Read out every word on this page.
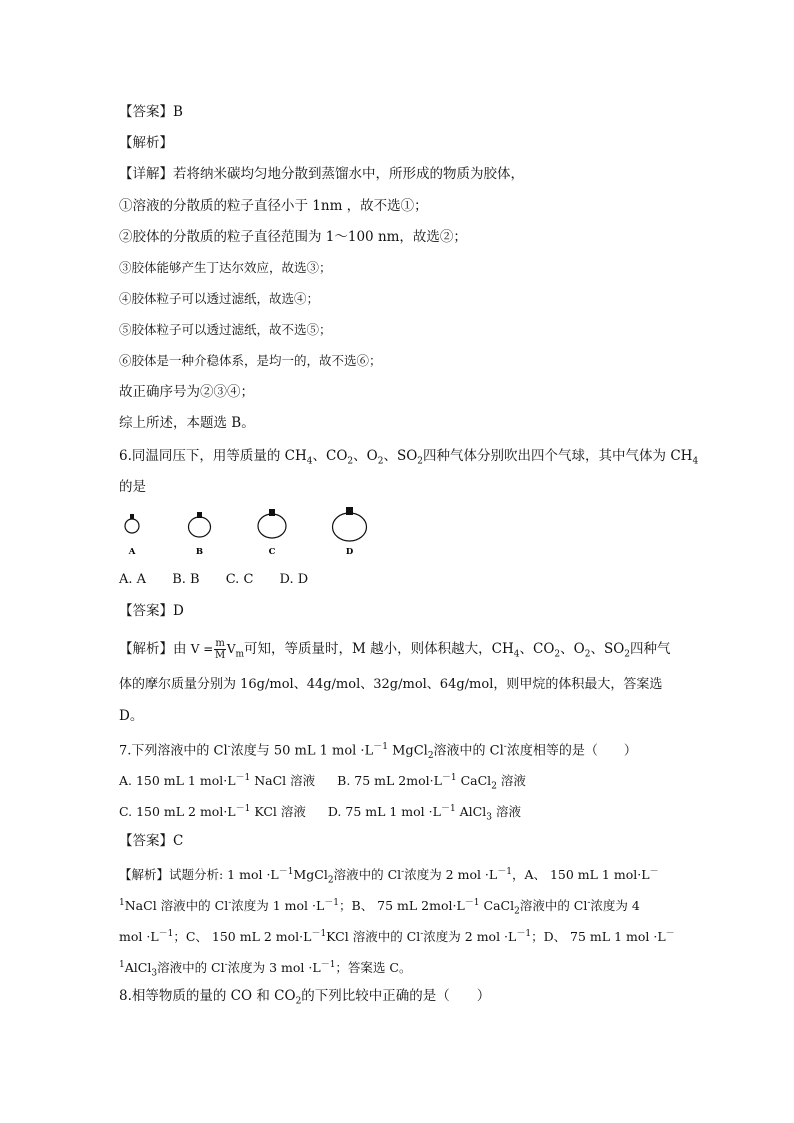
【答案】B
【解析】
【详解】若将纳米碳均匀地分散到蒸馏水中，所形成的物质为胶体，
①溶液的分散质的粒子直径小于 1nm ，故不选①；
②胶体的分散质的粒子直径范围为 1～100 nm，故选②；
③胶体能够产生丁达尔效应，故选③；
④胶体粒子可以透过滤纸，故选④；
⑤胶体粒子可以透过滤纸，故不选⑤；
⑥胶体是一种介稳体系，是均一的，故不选⑥；
故正确序号为②③④；
综上所述，本题选 B。
6.同温同压下，用等质量的 $CH_4$、$CO_2$、$O_2$、$SO_2$四种气体分别吹出四个气球，其中气体为 $CH_4$
的是
A	B	C	D
A. A B. B C. C D. D
【答案】D
【解析】由 $V = \frac{m}{M} V_m$可知，等质量时，M 越小，则体积越大，$CH_4$、$CO_2$、$O_2$、$SO_2$四种气
体的摩尔质量分别为 16g/mol、44g/mol、32g/mol、64g/mol，则甲烷的体积最大，答案选
D。
7.下列溶液中的 Cl-浓度与 50 mL 1 mol $\cdot L^{-1}$ MgCl$_2$溶液中的 Cl-浓度相等的是（　　）
A. 150 mL 1 $mol\cdot L^{-1}$ NaCl 溶液 B. 75 mL $2mol\cdot L^{-1}$ CaCl$_2$ 溶液
C. 150 mL 2 $mol\cdot L^{-1}$ KCl 溶液 D. 75 mL 1 mol $\cdot L^{-1}$ AlCl$_3$ 溶液
【答案】C
【解析】试题分析: 1 mol $\cdot L^{-1}MgCl_2$溶液中的 Cl-浓度为 2 mol $\cdot L^{-1}$，A、 150 mL 1 mol·L－
$^1$NaCl 溶液中的 Cl-浓度为 1 mol $\cdot L^{-1}$；B、 75 mL $2mol\cdot L^{-1}$ CaCl$_2$溶液中的 Cl-浓度为 4
mol $\cdot L^{-1}$；C、 150 mL 2 $mol\cdot L^{-1}KCl$ 溶液中的 Cl-浓度为 2 mol $\cdot L^{-1}$；D、 75 mL 1 mol ·L－
$^1$AlCl$_3$溶液中的 Cl-浓度为 3 mol $\cdot L^{-1}$；答案选 C。
8.相等物质的量的 CO 和 $CO_2$的下列比较中正确的是（　　）
